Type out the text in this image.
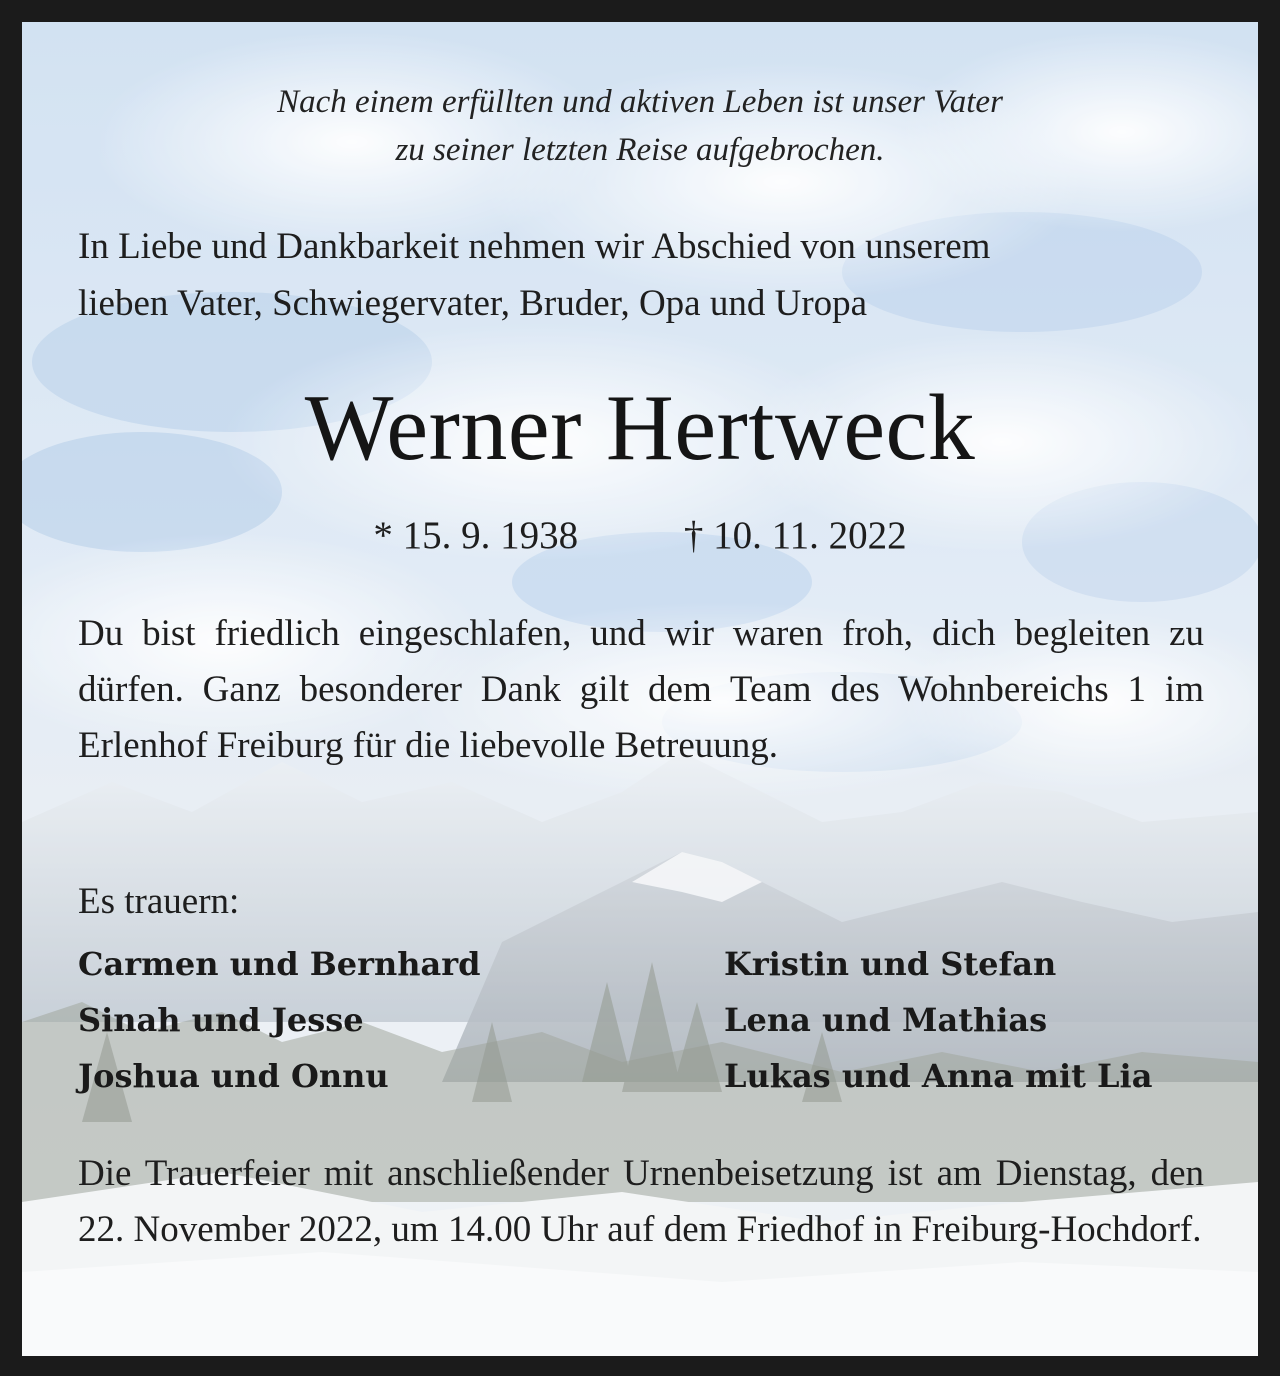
Nach einem erfüllten und aktiven Leben ist unser Vater
zu seiner letzten Reise aufgebrochen.
In Liebe und Dankbarkeit nehmen wir Abschied von unserem
lieben Vater, Schwiegervater, Bruder, Opa und Uropa
Werner Hertweck
* 15. 9. 1938	† 10. 11. 2022
Du bist friedlich eingeschlafen, und wir waren froh, dich begleiten zu dürfen. Ganz besonderer Dank gilt dem Team des Wohnbereichs 1 im Erlenhof Freiburg für die liebevolle Betreuung.
Es trauern:
Carmen und Bernhard
Sinah und Jesse
Joshua und Onnu
Kristin und Stefan
Lena und Mathias
Lukas und Anna mit Lia
Die Trauerfeier mit anschließender Urnenbeisetzung ist am Dienstag, den 22. November 2022, um 14.00 Uhr auf dem Friedhof in Freiburg-Hochdorf.
